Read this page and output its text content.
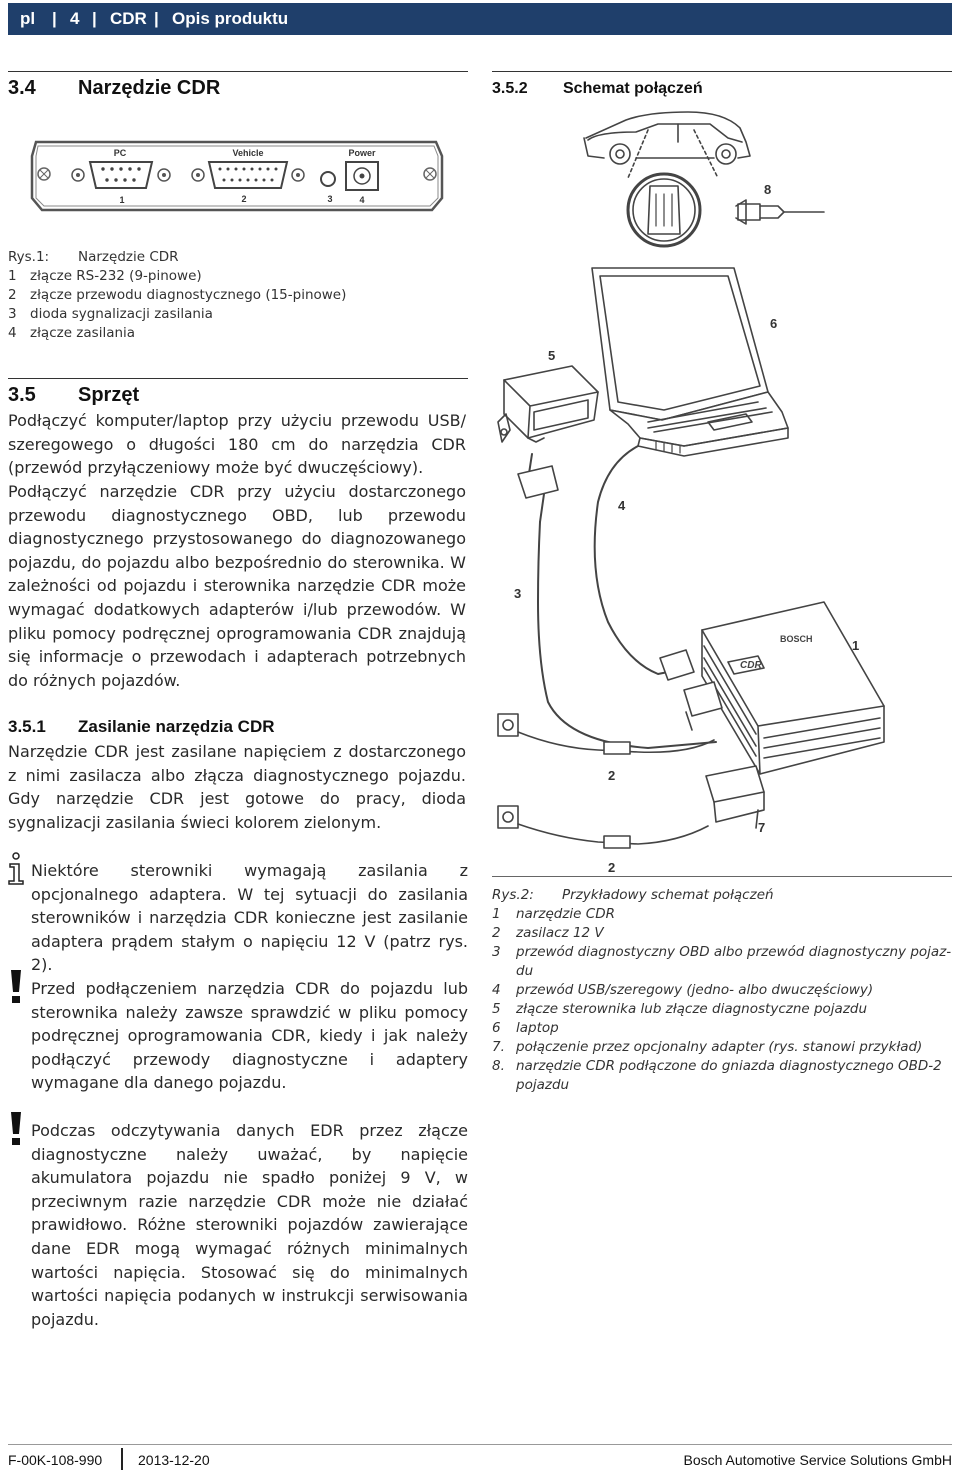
pl | 4 | CDR | Opis produktu
3.4 Narzędzie CDR
PC	Vehicle	Power
1	2	3	4
Rys.1: Narzędzie CDR
1 złącze RS-232 (9-pinowe)
2 złącze przewodu diagnostycznego (15-pinowe)
3 dioda sygnalizacji zasilania
4 złącze zasilania
3.5 Sprzęt
Podłączyć komputer/laptop przy użyciu przewodu USB/ szeregowego o długości 180 cm do narzędzia CDR (przewód przyłączeniowy może być dwuczęściowy).
Podłączyć narzędzie CDR przy użyciu dostarczonego przewodu diagnostycznego OBD, lub przewodu diagnostycznego przystosowanego do diagnozowanego pojazdu, do pojazdu albo bezpośrednio do sterownika. W zależności od pojazdu i sterownika narzędzie CDR może wymagać dodatkowych adapterów i/lub przewodów. W pliku pomocy podręcznej oprogramowania CDR znajdują się informacje o przewodach i adapterach potrzebnych do różnych pojazdów.
3.5.1 Zasilanie narzędzia CDR
Narzędzie CDR jest zasilane napięciem z dostarczonego z nimi zasilacza albo złącza diagnostycznego pojazdu. Gdy narzędzie CDR jest gotowe do pracy, dioda sygnalizacji zasilania świeci kolorem zielonym.
Niektóre sterowniki wymagają zasilania z opcjonalnego adaptera. W tej sytuacji do zasilania sterowników i narzędzia CDR konieczne jest zasilanie adaptera prądem stałym o napięciu 12 V (patrz rys. 2).
Przed podłączeniem narzędzia CDR do pojazdu lub sterownika należy zawsze sprawdzić w pliku pomocy podręcznej oprogramowania CDR, kiedy i jak należy podłączyć przewody diagnostyczne i adaptery wymagane dla danego pojazdu.
Podczas odczytywania danych EDR przez złącze diagnostyczne należy uważać, by napięcie akumulatora pojazdu nie spadło poniżej 9 V, w przeciwnym razie narzędzie CDR może nie działać prawidłowo. Różne sterowniki pojazdów zawierające dane EDR mogą wymagać różnych minimalnych wartości napięcia. Stosować się do minimalnych wartości napięcia podanych w instrukcji serwisowania pojazdu.
3.5.2 Schemat połączeń
8
6
5
4
3
1
2
7
2
BOSCH
CDR
Rys.2: Przykładowy schemat połączeń
1 narzędzie CDR
2 zasilacz 12 V
3 przewód diagnostyczny OBD albo przewód diagnostyczny pojaz-
du
4 przewód USB/szeregowy (jedno- albo dwuczęściowy)
5 złącze sterownika lub złącze diagnostyczne pojazdu
6 laptop
7. połączenie przez opcjonalny adapter (rys. stanowi przykład)
8. narzędzie CDR podłączone do gniazda diagnostycznego OBD-2
pojazdu
F-00K-108-990	2013-12-20	Bosch Automotive Service Solutions GmbH
